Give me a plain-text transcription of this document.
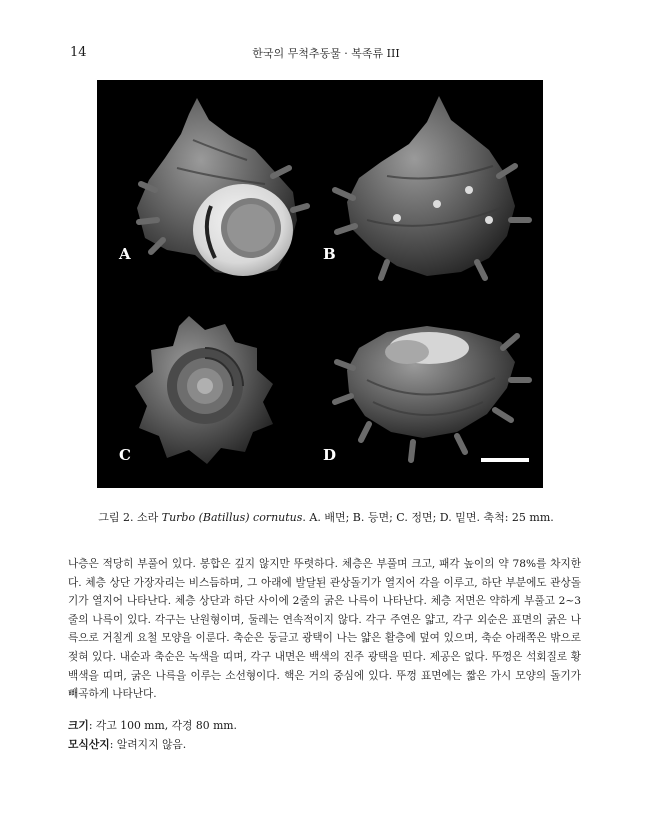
14	한국의 무척추동물 · 복족류 III
A	B
C	D
그림 2. 소라 Turbo (Batillus) cornutus. A. 배면; B. 등면; C. 정면; D. 밑면. 축척: 25 mm.

나층은 적당히 부풀어 있다. 봉합은 깊지 않지만 뚜렷하다. 체층은 부풀며 크고, 패각 높이의 약 78%를 차지한다. 체층 상단 가장자리는 비스듬하며, 그 아래에 발달된 관상돌기가 열지어 각을 이루고, 하단 부분에도 관상돌기가 열지어 나타난다. 체층 상단과 하단 사이에 2줄의 굵은 나륵이 나타난다. 체층 저면은 약하게 부풀고 2~3줄의 나륵이 있다. 각구는 난원형이며, 둘레는 연속적이지 않다. 각구 주연은 얇고, 각구 외순은 표면의 굵은 나륵으로 거칠게 요철 모양을 이룬다. 축순은 둥글고 광택이 나는 얇은 활층에 덮여 있으며, 축순 아래쪽은 밖으로 젖혀 있다. 내순과 축순은 녹색을 띠며, 각구 내면은 백색의 진주 광택을 띤다. 제공은 없다. 뚜껑은 석회질로 황백색을 띠며, 굵은 나륵을 이루는 소선형이다. 핵은 거의 중심에 있다. 뚜껑 표면에는 짧은 가시 모양의 돌기가 빼곡하게 나타난다.

크기: 각고 100 mm, 각경 80 mm.
모식산지: 알려지지 않음.
